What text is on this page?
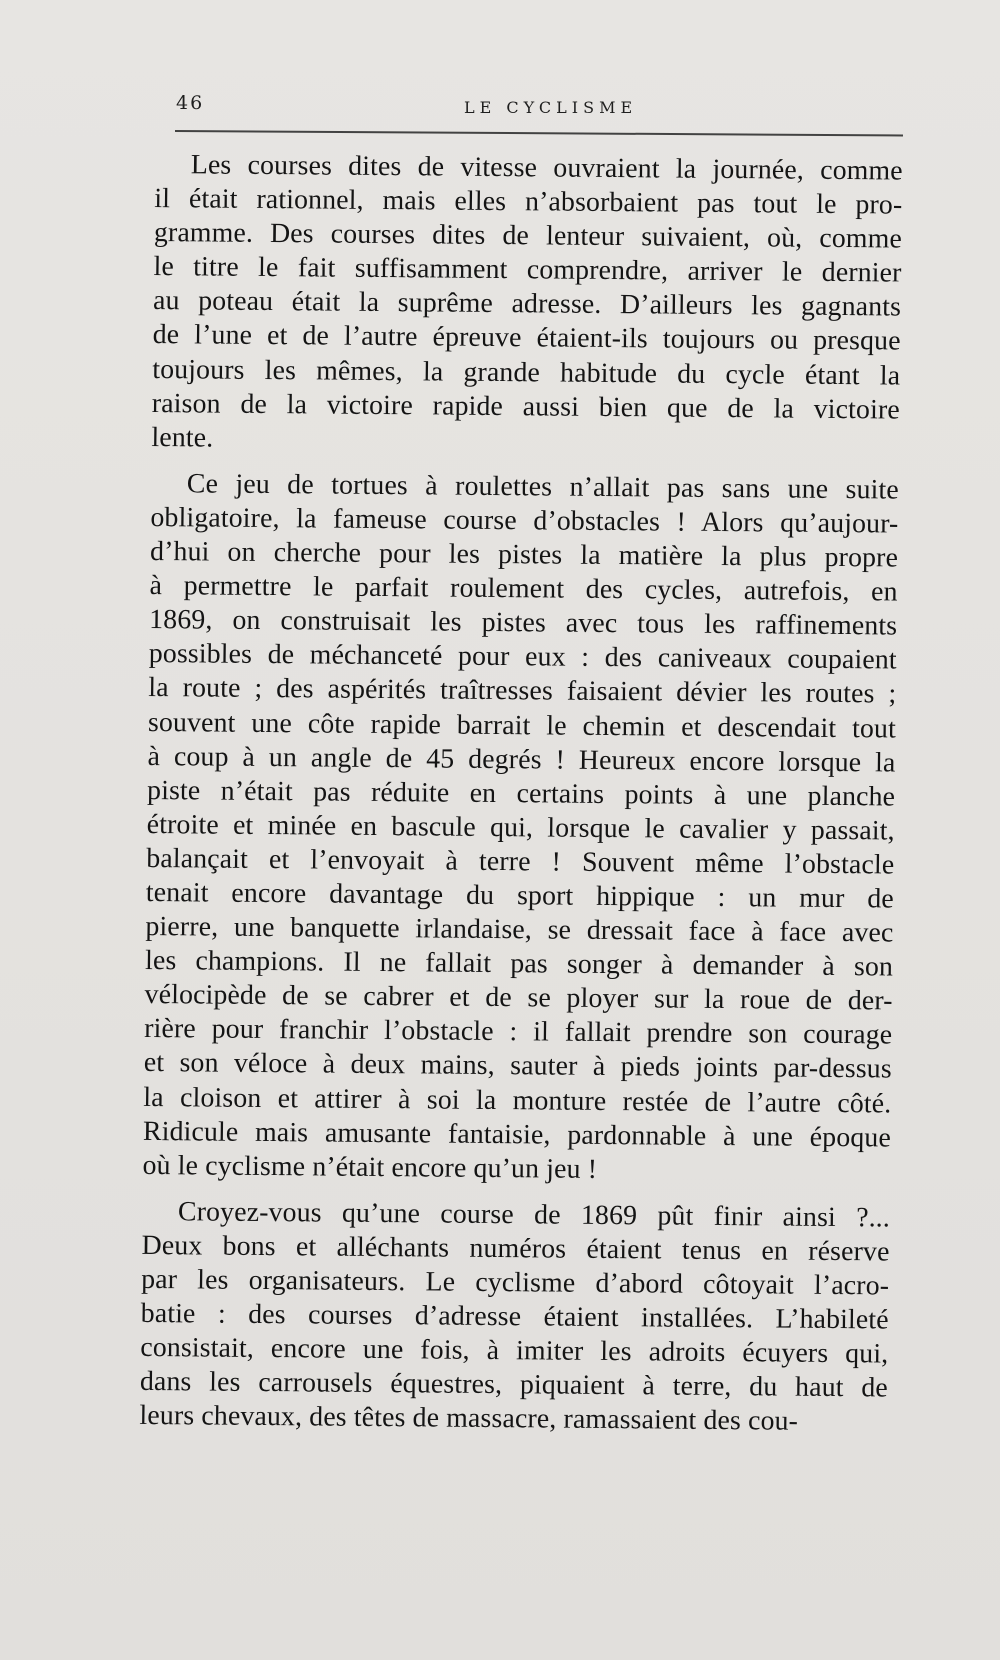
46	LE CYCLISME
Les courses dites de vitesse ouvraient la journée, comme
il était rationnel, mais elles n’absorbaient pas tout le pro-
gramme. Des courses dites de lenteur suivaient, où, comme
le titre le fait suffisamment comprendre, arriver le dernier
au poteau était la suprême adresse. D’ailleurs les gagnants
de l’une et de l’autre épreuve étaient-ils toujours ou presque
toujours les mêmes, la grande habitude du cycle étant la
raison de la victoire rapide aussi bien que de la victoire
lente.
Ce jeu de tortues à roulettes n’allait pas sans une suite
obligatoire, la fameuse course d’obstacles ! Alors qu’aujour-
d’hui on cherche pour les pistes la matière la plus propre
à permettre le parfait roulement des cycles, autrefois, en
1869, on construisait les pistes avec tous les raffinements
possibles de méchanceté pour eux : des caniveaux coupaient
la route ; des aspérités traîtresses faisaient dévier les routes ;
souvent une côte rapide barrait le chemin et descendait tout
à coup à un angle de 45 degrés ! Heureux encore lorsque la
piste n’était pas réduite en certains points à une planche
étroite et minée en bascule qui, lorsque le cavalier y passait,
balançait et l’envoyait à terre ! Souvent même l’obstacle
tenait encore davantage du sport hippique : un mur de
pierre, une banquette irlandaise, se dressait face à face avec
les champions. Il ne fallait pas songer à demander à son
vélocipède de se cabrer et de se ployer sur la roue de der-
rière pour franchir l’obstacle : il fallait prendre son courage
et son véloce à deux mains, sauter à pieds joints par-dessus
la cloison et attirer à soi la monture restée de l’autre côté.
Ridicule mais amusante fantaisie, pardonnable à une époque
où le cyclisme n’était encore qu’un jeu !
Croyez-vous qu’une course de 1869 pût finir ainsi ?...
Deux bons et alléchants numéros étaient tenus en réserve
par les organisateurs. Le cyclisme d’abord côtoyait l’acro-
batie : des courses d’adresse étaient installées. L’habileté
consistait, encore une fois, à imiter les adroits écuyers qui,
dans les carrousels équestres, piquaient à terre, du haut de
leurs chevaux, des têtes de massacre, ramassaient des cou-
